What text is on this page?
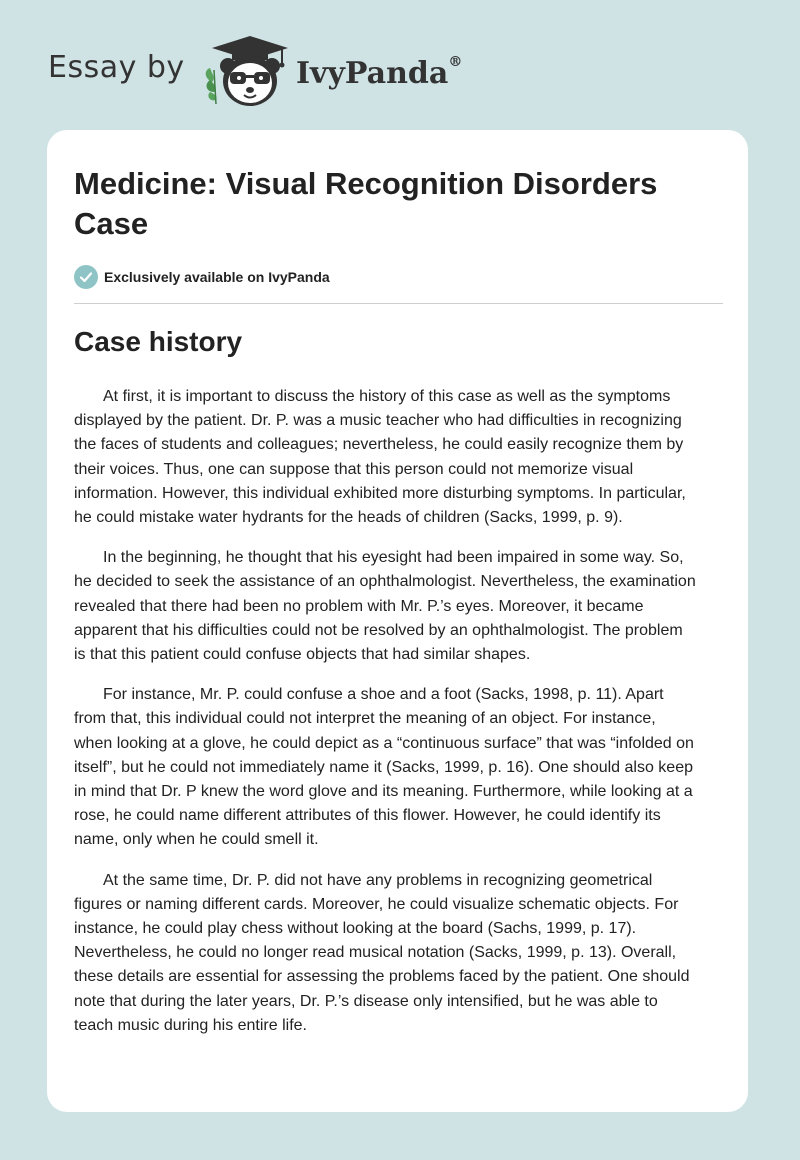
Essay by	IvyPanda®
Medicine: Visual Recognition Disorders Case
Exclusively available on IvyPanda
Case history

At first, it is important to discuss the history of this case as well as the symptoms
displayed by the patient. Dr. P. was a music teacher who had difficulties in recognizing
the faces of students and colleagues; nevertheless, he could easily recognize them by
their voices. Thus, one can suppose that this person could not memorize visual
information. However, this individual exhibited more disturbing symptoms. In particular,
he could mistake water hydrants for the heads of children (Sacks, 1999, p. 9).

In the beginning, he thought that his eyesight had been impaired in some way. So,
he decided to seek the assistance of an ophthalmologist. Nevertheless, the examination
revealed that there had been no problem with Mr. P.’s eyes. Moreover, it became
apparent that his difficulties could not be resolved by an ophthalmologist. The problem
is that this patient could confuse objects that had similar shapes.

For instance, Mr. P. could confuse a shoe and a foot (Sacks, 1998, p. 11). Apart
from that, this individual could not interpret the meaning of an object. For instance,
when looking at a glove, he could depict as a “continuous surface” that was “infolded on
itself”, but he could not immediately name it (Sacks, 1999, p. 16). One should also keep
in mind that Dr. P knew the word glove and its meaning. Furthermore, while looking at a
rose, he could name different attributes of this flower. However, he could identify its
name, only when he could smell it.

At the same time, Dr. P. did not have any problems in recognizing geometrical
figures or naming different cards. Moreover, he could visualize schematic objects. For
instance, he could play chess without looking at the board (Sachs, 1999, p. 17).
Nevertheless, he could no longer read musical notation (Sacks, 1999, p. 13). Overall,
these details are essential for assessing the problems faced by the patient. One should
note that during the later years, Dr. P.’s disease only intensified, but he was able to
teach music during his entire life.
